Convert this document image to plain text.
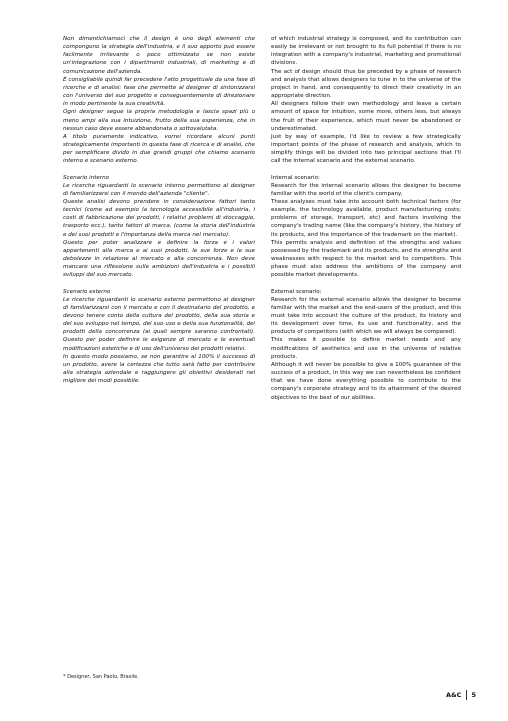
Non dimentichiamoci che il design è uno degli elementi che compongono la strategia dell'industria, e il suo apporto può essere facilmente irrilevante o poco ottimizzato se non esiste un'integrazione con i dipartimenti industriali, di marketing e di comunicazione dell'azienda.

È consigliabile quindi far precedere l'atto progettuale da una fase di ricerche e di analisi: fase che permette al designer di sintonizzarsi con l'universo del suo progetto e conseguentemente di direzionare in modo pertinente la sua creatività.

Ogni designer segue la propria metodologia e lascia spazi più o meno ampi alla sua intuizione, frutto della sua esperienza, che in nessun caso deve essere abbandonata o sottovalutata.

A titolo puramente indicativo, vorrei ricordare alcuni punti strategicamente importanti in questa fase di ricerca e di analisi, che per semplificare divido in due grandi gruppi che chiamo scenario interno e scenario esterno.

Scenario interno

Le ricerche riguardanti lo scenario interno permettono al designer di familiarizzarsi con il mondo dell'azienda "cliente".

Queste analisi devono prendere in considerazione fattori tanto tecnici (come ad esempio la tecnologia accessibile all'industria, i costi di fabbricazione dei prodotti, i relativi problemi di stoccaggio, trasporto ecc.), tanto fattori di marca, (come la storia dell'industria e dei suoi prodotti e l'importanza della marca nel mercato).

Questo per poter analizzare e definire la forza e i valori appartenenti alla marca e ai suoi prodotti, le sue forze e le sue debolezze in relazione al mercato e alla concorrenza. Non deve mancare una riflessione sulle ambizioni dell'industria e i possibili sviluppi del suo mercato.

Scenario esterno

Le ricerche riguardanti lo scenario esterno permettono al designer di familiarizzarsi con il mercato e con il destinatario del prodotto, e devono tenere conto della cultura del prodotto, della sua storia e del suo sviluppo nel tempo, del suo uso e della sua funzionalità, dei prodotti della concorrenza (ai quali sempre saranno confrontati). Questo per poder definire le esigenze di mercato e le eventuali modificazioni estetiche e di uso dell'universo dei prodotti relativi.

In questo modo possiamo, se non garantire al 100% il successo di un prodotto, avere la certezza che tutto sarà fatto per contribuire alla strategia aziendale e raggiungere gli obiettivi desiderati nel migliore dei modi possibile.

of which industrial strategy is composed, and its contribution can easily be irrelevant or not brought to its full potential if there is no integration with a company's industrial, marketing and promotional divisions.

The act of design should thus be preceded by a phase of research and analysis that allows designers to tune in to the universe of the project in hand, and consequently to direct their creativity in an appropriate direction.

All designers follow their own methodology and leave a certain amount of space for intuition, some more, others less, but always the fruit of their experience, which must never be abandoned or underestimated.

Just by way of example, I'd like to review a few strategically important points of the phase of research and analysis, which to simplify things will be divided into two principal sections that I'll call the internal scenario and the external scenario.

Internal scenario:

Research for the internal scenario allows the designer to become familiar with the world of the client's company.

These analyses must take into account both technical factors (for example, the technology available, product manufacturing costs; problems of storage, transport, etc) and factors involving the company's trading name (like the company's history, the history of its products, and the importance of the trademark on the market).

This permits analysis and definition of the strengths and values possessed by the trademark and its products, and its strengths and weaknesses with respect to the market and to competitors. This phase must also address the ambitions of the company and possible market developments.

External scenario:

Research for the external scenario allows the designer to become familiar with the market and the end-users of the product, and this must take into account the culture of the product, its history and its development over time, its use and functionality, and the products of competitors (with which we will always be compared).

This makes it possible to define market needs and any modifications of aesthetics and use in the universe of relative products.

Although it will never be possible to give a 100% guarantee of the success of a product, in this way we can nevertheless be confident that we have done everything possible to contribute to the company's corporate strategy and to its attainment of the desired objectives to the best of our abilities.

* Designer, San Paolo, Brasile.
A&C 5
